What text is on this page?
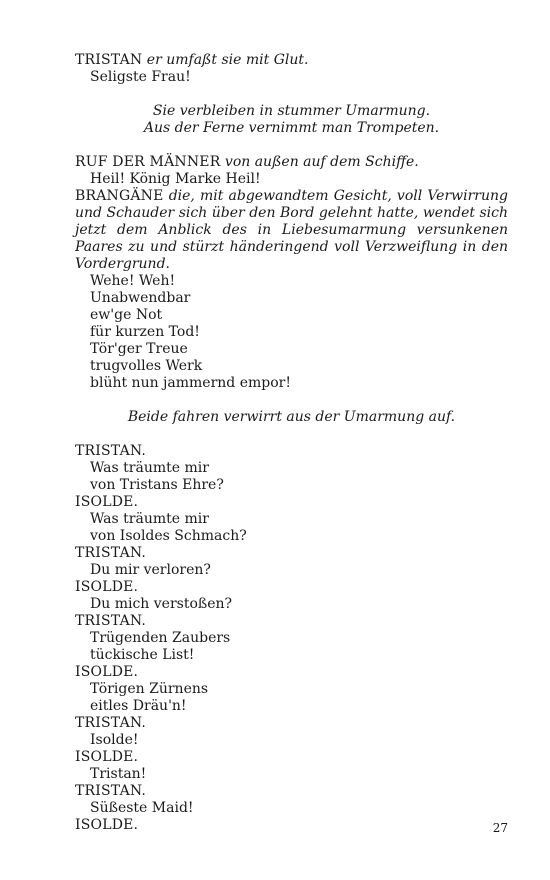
TRISTAN er umfaßt sie mit Glut.

Seligste Frau!

Sie verbleiben in stummer Umarmung.

Aus der Ferne vernimmt man Trompeten.

RUF DER MÄNNER von außen auf dem Schiffe.

Heil! König Marke Heil!

BRANGÄNE die, mit abgewandtem Gesicht, voll Verwirrung und Schauder sich über den Bord gelehnt hatte, wendet sich jetzt dem Anblick des in Liebesumarmung versunkenen Paares zu und stürzt händeringend voll Verzweiflung in den Vordergrund.

Wehe! Weh!

Unabwendbar

ew'ge Not

für kurzen Tod!

Tör'ger Treue

trugvolles Werk

blüht nun jammernd empor!

Beide fahren verwirrt aus der Umarmung auf.

TRISTAN.

Was träumte mir

von Tristans Ehre?

ISOLDE.

Was träumte mir

von Isoldes Schmach?

TRISTAN.

Du mir verloren?

ISOLDE.

Du mich verstoßen?

TRISTAN.

Trügenden Zaubers

tückische List!

ISOLDE.

Törigen Zürnens

eitles Dräu'n!

TRISTAN.

Isolde!

ISOLDE.

Tristan!

TRISTAN.

Süßeste Maid!

ISOLDE.	27
